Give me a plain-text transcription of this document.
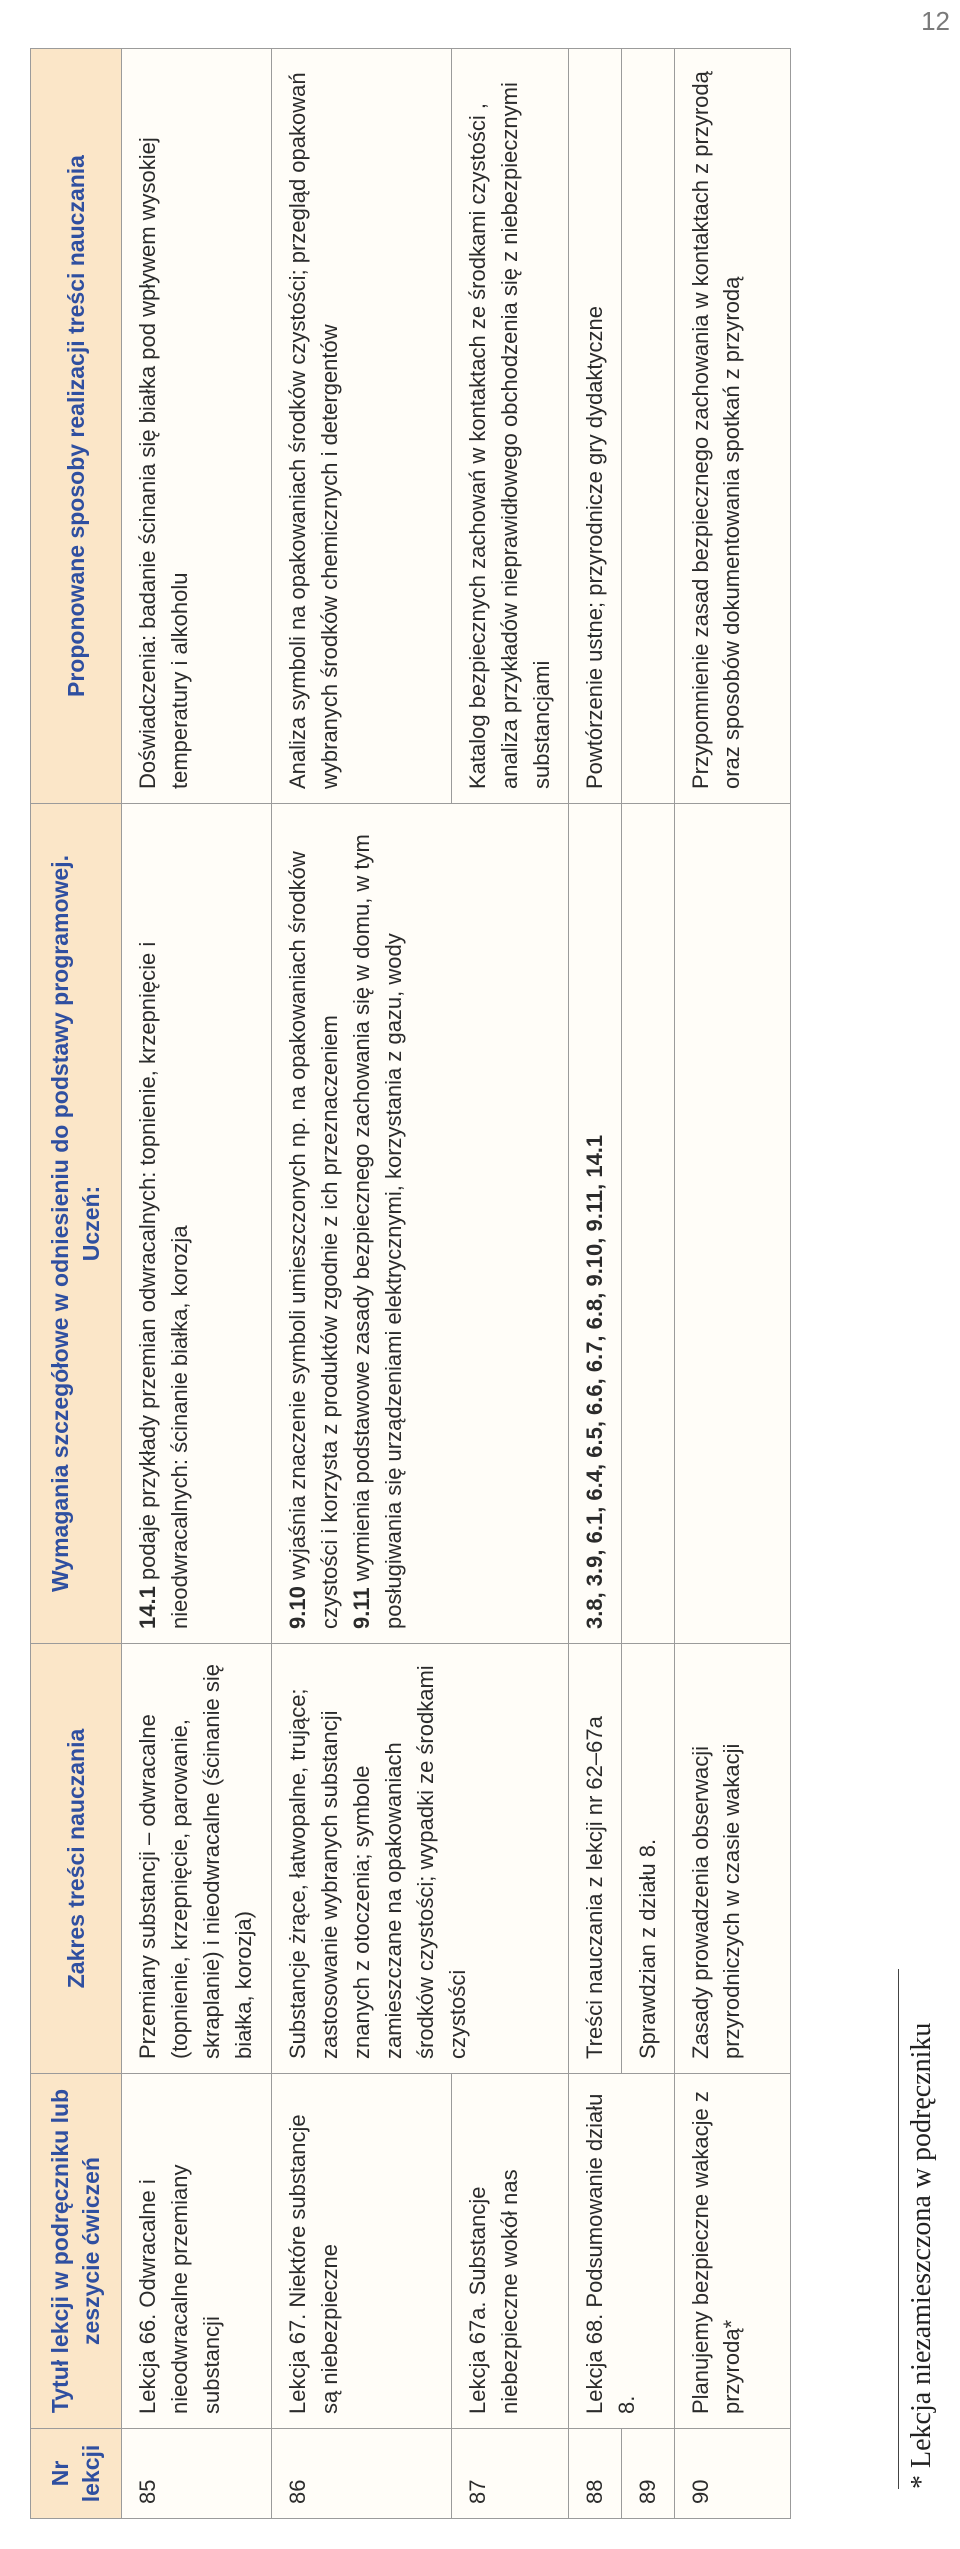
12
Nr lekcji	Tytuł lekcji w podręczniku lub zeszycie ćwiczeń	Zakres treści nauczania	Wymagania szczegółowe w odniesieniu do podstawy programowej. Uczeń:	Proponowane sposoby realizacji treści nauczania
85	Lekcja 66. Odwracalne i nieodwracalne przemiany substancji	Przemiany substancji – odwracalne (topnienie, krzepnięcie, parowanie, skraplanie) i nieodwracalne (ścinanie się białka, korozja)	14.1 podaje przykłady przemian odwracalnych: topnienie, krzepnięcie i nieodwracalnych: ścinanie białka, korozja	Doświadczenia: badanie ścinania się białka pod wpływem wysokiej temperatury i alkoholu
86	Lekcja 67. Niektóre substancje są niebezpieczne	Substancje żrące, łatwopalne, trujące; zastosowanie wybranych substancji znanych z otoczenia; symbole zamieszczane na opakowaniach środków czystości; wypadki ze środkami czystości	9.10 wyjaśnia znaczenie symboli umieszczonych np. na opakowaniach środków czystości i korzysta z produktów zgodnie z ich przeznaczeniem 9.11 wymienia podstawowe zasady bezpiecznego zachowania się w domu, w tym posługiwania się urządzeniami elektrycznymi, korzystania z gazu, wody	Analiza symboli na opakowaniach środków czystości; przegląd opakowań wybranych środków chemicznych i detergentów
87	Lekcja 67a. Substancje niebezpieczne wokół nas			Katalog bezpiecznych zachowań w kontaktach ze środkami czystości , analiza przykładów nieprawidłowego obchodzenia się z niebezpiecznymi substancjami
88	Lekcja 68. Podsumowanie działu 8.	Treści nauczania z lekcji nr 62–67a	3.8, 3.9, 6.1, 6.4, 6.5, 6.6, 6.7, 6.8, 9.10, 9.11, 14.1	Powtórzenie ustne; przyrodnicze gry dydaktyczne
89		Sprawdzian z działu 8.		
90	Planujemy bezpieczne wakacje z przyrodą*	Zasady prowadzenia obserwacji przyrodniczych w czasie wakacji		Przypomnienie zasad bezpiecznego zachowania w kontaktach z przyrodą oraz sposobów dokumentowania spotkań z przyrodą
* Lekcja niezamieszczona w podręczniku
